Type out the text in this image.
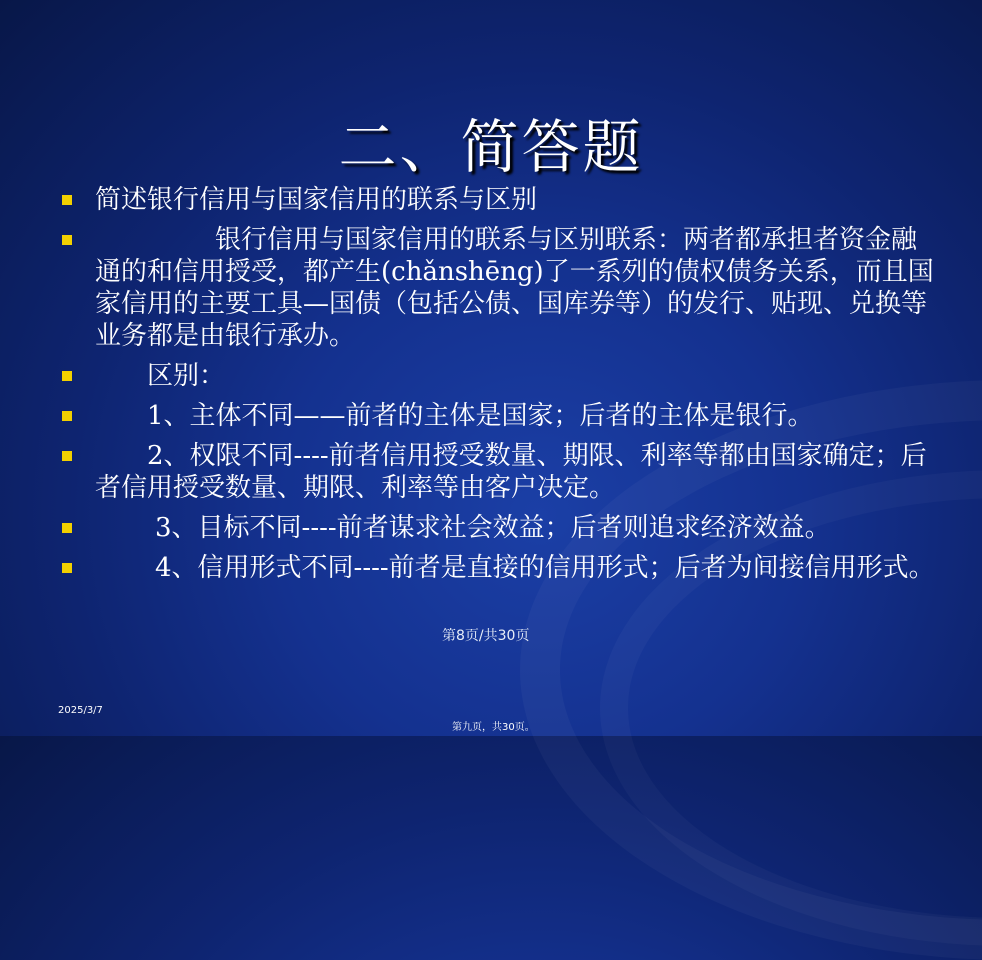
二、简答题
简述银行信用与国家信用的联系与区别
银行信用与国家信用的联系与区别联系：两者都承担者资金融通的和信用授受，都产生(chǎnshēng)了一系列的债权债务关系，而且国家信用的主要工具—国债（包括公债、国库券等）的发行、贴现、兑换等业务都是由银行承办。
区别：
1、主体不同——前者的主体是国家；后者的主体是银行。
2、权限不同----前者信用授受数量、期限、利率等都由国家确定；后者信用授受数量、期限、利率等由客户决定。
3、目标不同----前者谋求社会效益；后者则追求经济效益。
4、信用形式不同----前者是直接的信用形式；后者为间接信用形式。
第8页/共30页
2025/3/7
第九页，共30页。
